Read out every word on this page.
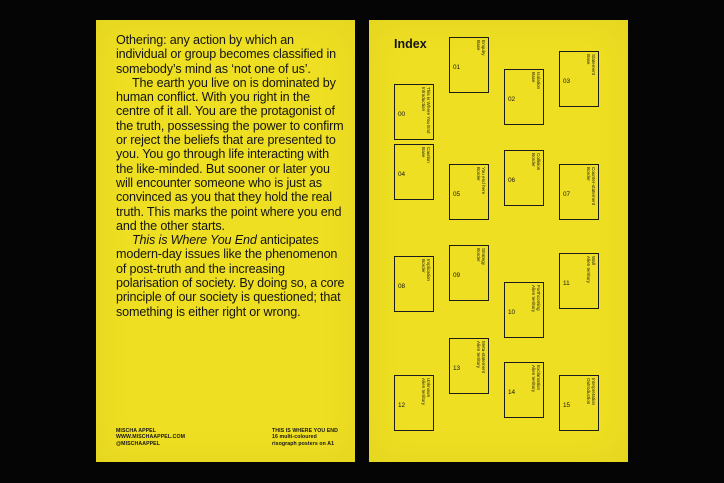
Othering: any action by which an individual or group becomes classified in somebody’s mind as ‘not one of us’.

The earth you live on is dominated by human conflict. With you right in the centre of it all. You are the protagonist of the truth, possessing the power to confirm or reject the beliefs that are presented to you. You go through life interacting with the like-minded. But sooner or later you will encounter someone who is just as convinced as you that they hold the real truth. This marks the point where you end and the other starts.

This is Where You End anticipates modern-day issues like the phenomenon of post-truth and the increasing polarisation of society. By doing so, a core principle of our society is questioned; that something is either right or wrong.

MISCHA APPEL
WWW.MISCHAAPPEL.COM
@MISCHAAPPEL
THIS IS WHERE YOU END
16 multi-coloured
risograph posters on A1
Index
00	This is Where You End
Introduction
01
Enquiry
Base
02
Isolation
Base	03
Statement
Base
04
Caution
Base
05
You end here
Border	06
Collision
Border
07	Counter-statement
Border
08
Implication
Border
09
Strategy
Border
10
Forthcoming
Alien territory
11
Wall
Alien territory
12
Unknown
Alien territory
13	Meta-statement
Alien territory
14
Exclamation
Alien territory
15
Interpretation
Outroduction
